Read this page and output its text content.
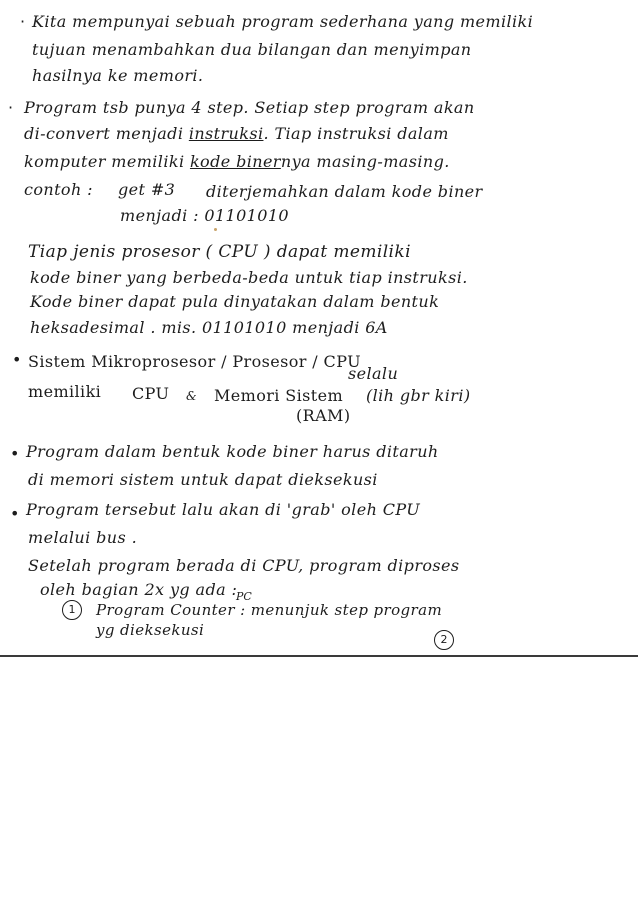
· Kita mempunyai sebuah program sederhana yang memiliki
tujuan menambahkan dua bilangan dan menyimpan
hasilnya ke memori.
· Program tsb punya 4 step. Setiap step program akan
di-convert menjadi instruksi. Tiap instruksi dalam
komputer memiliki kode binernya masing-masing.
contoh : get #3 diterjemahkan dalam kode biner
menjadi : 01101010
Tiap jenis prosesor ( CPU ) dapat memiliki
kode biner yang berbeda-beda untuk tiap instruksi.
Kode biner dapat pula dinyatakan dalam bentuk
heksadesimal . mis. 01101010 menjadi 6A
• Sistem Mikroprosesor / Prosesor / CPU
selalu
memiliki CPU & Memori Sistem (lih gbr kiri)
(RAM)
• Program dalam bentuk kode biner harus ditaruh
di memori sistem untuk dapat dieksekusi
• Program tersebut lalu akan di 'grab' oleh CPU
melalui bus .
Setelah program berada di CPU, program diproses
oleh bagian 2x yg ada :
1
PC
Program Counter : menunjuk step program
yg dieksekusi
2
